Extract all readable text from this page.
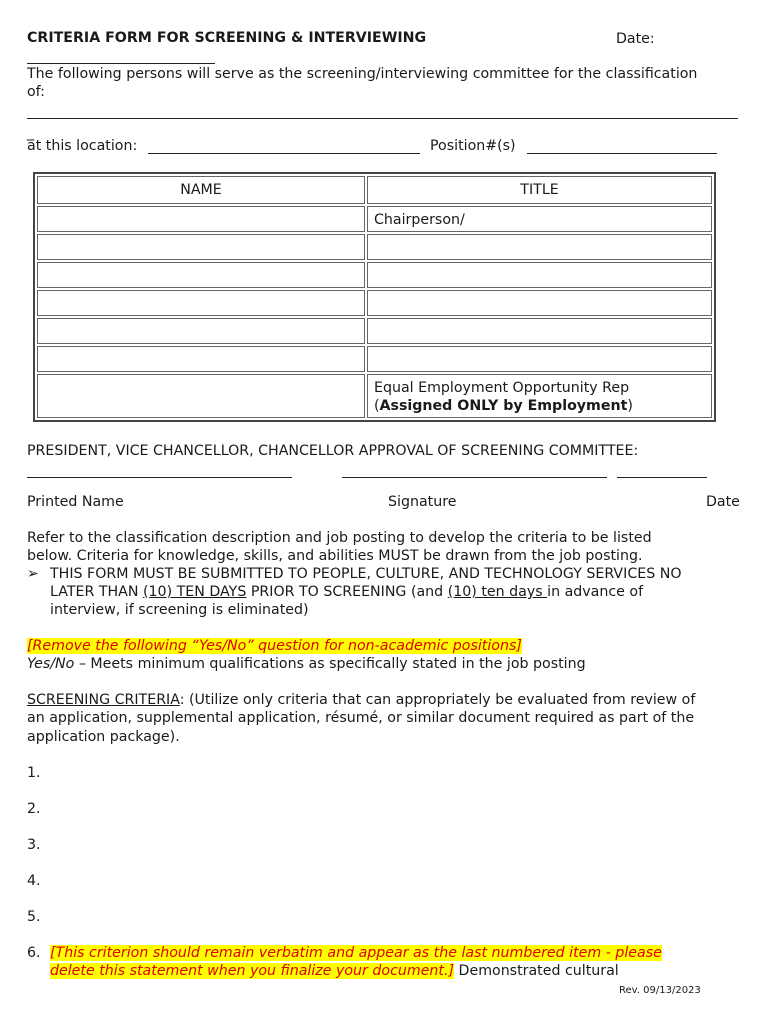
CRITERIA FORM FOR SCREENING & INTERVIEWING	Date:
The following persons will serve as the screening/interviewing committee for the classification
of:
_
at this location:	Position#(s)
NAME	TITLE

	Chairperson/

	Equal Employment Opportunity Rep
(Assigned ONLY by Employment)
PRESIDENT, VICE CHANCELLOR, CHANCELLOR APPROVAL OF SCREENING COMMITTEE:
Printed Name	Signature	Date
Refer to the classification description and job posting to develop the criteria to be listed
below. Criteria for knowledge, skills, and abilities MUST be drawn from the job posting.
➢ THIS FORM MUST BE SUBMITTED TO PEOPLE, CULTURE, AND TECHNOLOGY SERVICES NO
LATER THAN (10) TEN DAYS PRIOR TO SCREENING (and (10) ten days in advance of
interview, if screening is eliminated)
[Remove the following “Yes/No” question for non-academic positions]
Yes/No – Meets minimum qualifications as specifically stated in the job posting
SCREENING CRITERIA: (Utilize only criteria that can appropriately be evaluated from review of
an application, supplemental application, résumé, or similar document required as part of the
application package).
1.
2.
3.
4.
5.
6. [This criterion should remain verbatim and appear as the last numbered item - please
delete this statement when you finalize your document.] Demonstrated cultural
Rev. 09/13/2023
